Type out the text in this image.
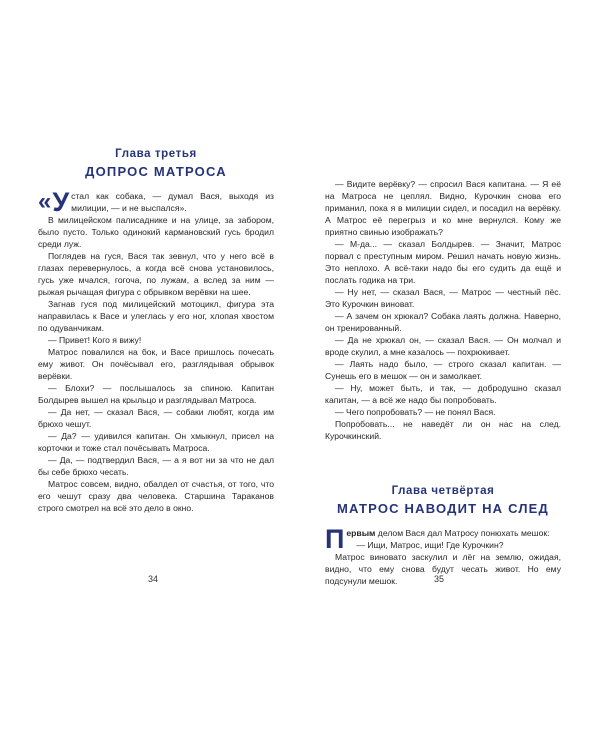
Глава третья
ДОПРОС МАТРОСА

« У стал как собака, — думал Вася, выходя из милиции, — и не выспался».

В милицейском палисаднике и на улице, за забором, было пусто. Только одинокий кармановский гусь бродил среди луж.

Поглядев на гуся, Вася так зевнул, что у него всё в глазах перевернулось, а когда всё снова установилось, гусь уже мчался, гогоча, по лужам, а вслед за ним — рыжая рычащая фигура с обрывком верёвки на шее.

Загнав гуся под милицейский мотоцикл, фигура эта направилась к Васе и улеглась у его ног, хлопая хвостом по одуванчикам.

— Привет! Кого я вижу!

Матрос повалился на бок, и Васе пришлось почесать ему живот. Он почёсывал его, разглядывая обрывок верёвки.

— Блохи? — послышалось за спиною. Капитан Болдырев вышел на крыльцо и разглядывал Матроса.

— Да нет, — сказал Вася, — собаки любят, когда им брюхо чешут.

— Да? — удивился капитан. Он хмыкнул, присел на корточки и тоже стал почёсывать Матроса.

— Да, — подтвердил Вася, — а я вот ни за что не дал бы себе брюхо чесать.

Матрос совсем, видно, обалдел от счастья, от того, что его чешут сразу два человека. Старшина Тараканов строго смотрел на всё это дело в окно.

— Видите верёвку? — спросил Вася капитана. — Я её на Матроса не цеплял. Видно, Курочкин снова его приманил, пока я в милиции сидел, и посадил на верёвку. А Матрос её перегрыз и ко мне вернулся. Кому же приятно свинью изображать?

— М-да... — сказал Болдырев. — Значит, Матрос порвал с преступным миром. Решил начать новую жизнь. Это неплохо. А всё-таки надо бы его судить да ещё и послать годика на три.

— Ну нет, — сказал Вася, — Матрос — честный пёс. Это Курочкин виноват.

— А зачем он хрюкал? Собака лаять должна. Наверно, он тренированный.

— Да не хрюкал он, — сказал Вася. — Он молчал и вроде скулил, а мне казалось — похрюкивает.

— Лаять надо было, — строго сказал капитан. — Сунешь его в мешок — он и замолкает.

— Ну, может быть, и так, — добродушно сказал капитан, — а всё же надо бы попробовать.

— Чего попробовать? — не понял Вася.

Попробовать... не наведёт ли он нас на след. Курочкинский.

Глава четвёртая
МАТРОС НАВОДИТ НА СЛЕД

Первым делом Вася дал Матросу понюхать мешок:

— Ищи, Матрос, ищи! Где Курочкин?

Матрос виновато заскулил и лёг на землю, ожидая, видно, что ему снова будут чесать живот. Но ему подсунули мешок.

34	35
